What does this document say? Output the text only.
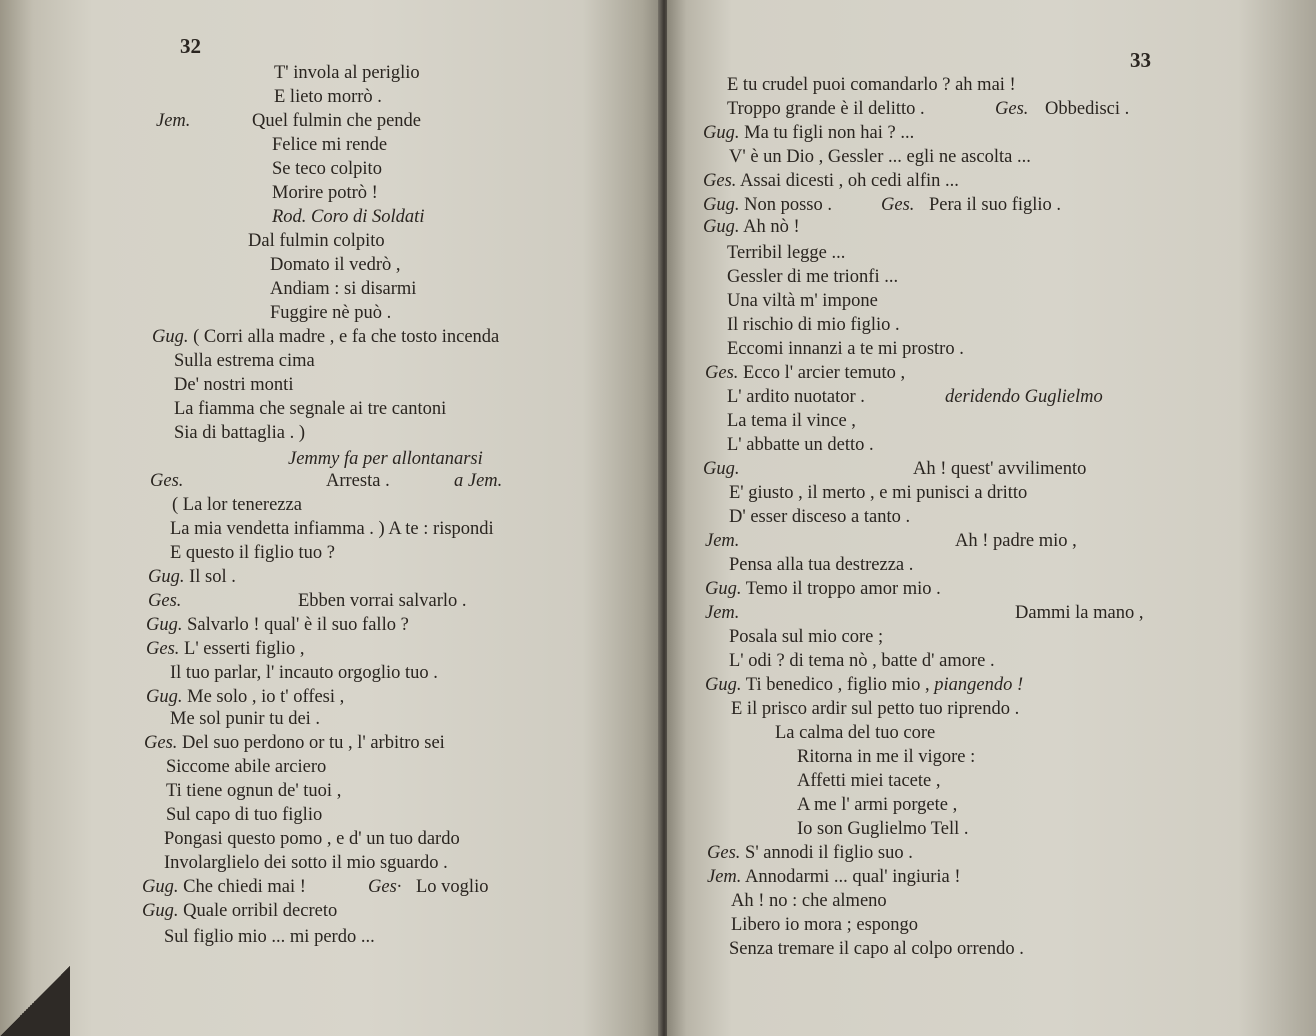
32
T' involа al periglio
E lieto morrò .
Jem.	Quel fulmin che pende
Felice mi rende
Se teco colpito
Morire potrò !
Rod. Coro di Soldati
Dal fulmin colpito
Domato il vedrò ,
Andiam : si disarmi
Fuggire nè può .
Gug. ( Corri alla madre , e fa che tosto incenda
Sulla estrema cima
De' nostri monti
La fiamma che segnale ai tre cantoni
Sia di battaglia . )
Jemmy fa per allontanarsi
Ges.	Arresta .	a Jem.
( La lor tenerezza
La mia vendetta infiamma . ) A te : rispondi
E questo il figlio tuo ?
Gug. Il sol .
Ges.	Ebben vorrai salvarlo .
Gug. Salvarlo ! qual' è il suo fallo ?
Ges. L' esserti figlio ,
Il tuo parlar, l' incauto orgoglio tuo .
Gug. Me solo , io t' offesi ,
Me sol punir tu dei .
Ges. Del suo perdono or tu , l' arbitro sei
Siccome abile arciero
Ti tiene ognun de' tuoi ,
Sul capo di tuo figlio
Pongasi questo pomo , e d' un tuo dardo
Involarglielo dei sotto il mio sguardo .
Gug. Che chiedi mai !	Ges· Lo voglio
Gug. Quale orribil decreto
Sul figlio mio ... mi perdo ...
33
E tu crudel puoi comandarlo ? ah mai !
Troppo grande è il delitto .	Ges. Obbedisci .
Gug. Ma tu figli non hai ? ...
V' è un Dio , Gessler ... egli ne ascolta ...
Ges. Assai dicesti , oh cedi alfin ...
Gug. Non posso .	Ges. Pera il suo figlio .
Gug. Ah nò !
Terribil legge ...
Gessler di me trionfi ...
Una viltà m' impone
Il rischio di mio figlio .
Eccomi innanzi a te mi prostro .
Ges. Ecco l' arcier temuto ,
L' ardito nuotator .	deridendo Guglielmo
La tema il vince ,
L' abbatte un detto .
Gug.	Ah ! quest' avvilimento
E' giusto , il merto , e mi punisci a dritto
D' esser disceso a tanto .
Jem.	Ah ! padre mio ,
Pensa alla tua destrezza .
Gug. Temo il troppo amor mio .
Jem.	Dammi la mano ,
Posala sul mio core ;
L' odi ? di tema nò , batte d' amore .
Gug. Ti benedico , figlio mio , piangendo !
E il prisco ardir sul petto tuo riprendo .
La calma del tuo core
Ritorna in me il vigore :
Affetti miei tacete ,
A me l' armi porgete ,
Io son Guglielmo Tell .
Ges. S' annodi il figlio suo .
Jem. Annodarmi ... qual' ingiuria !
Ah ! no : che almeno
Libero io mora ; espongo
Senza tremare il capo al colpo orrendo .
